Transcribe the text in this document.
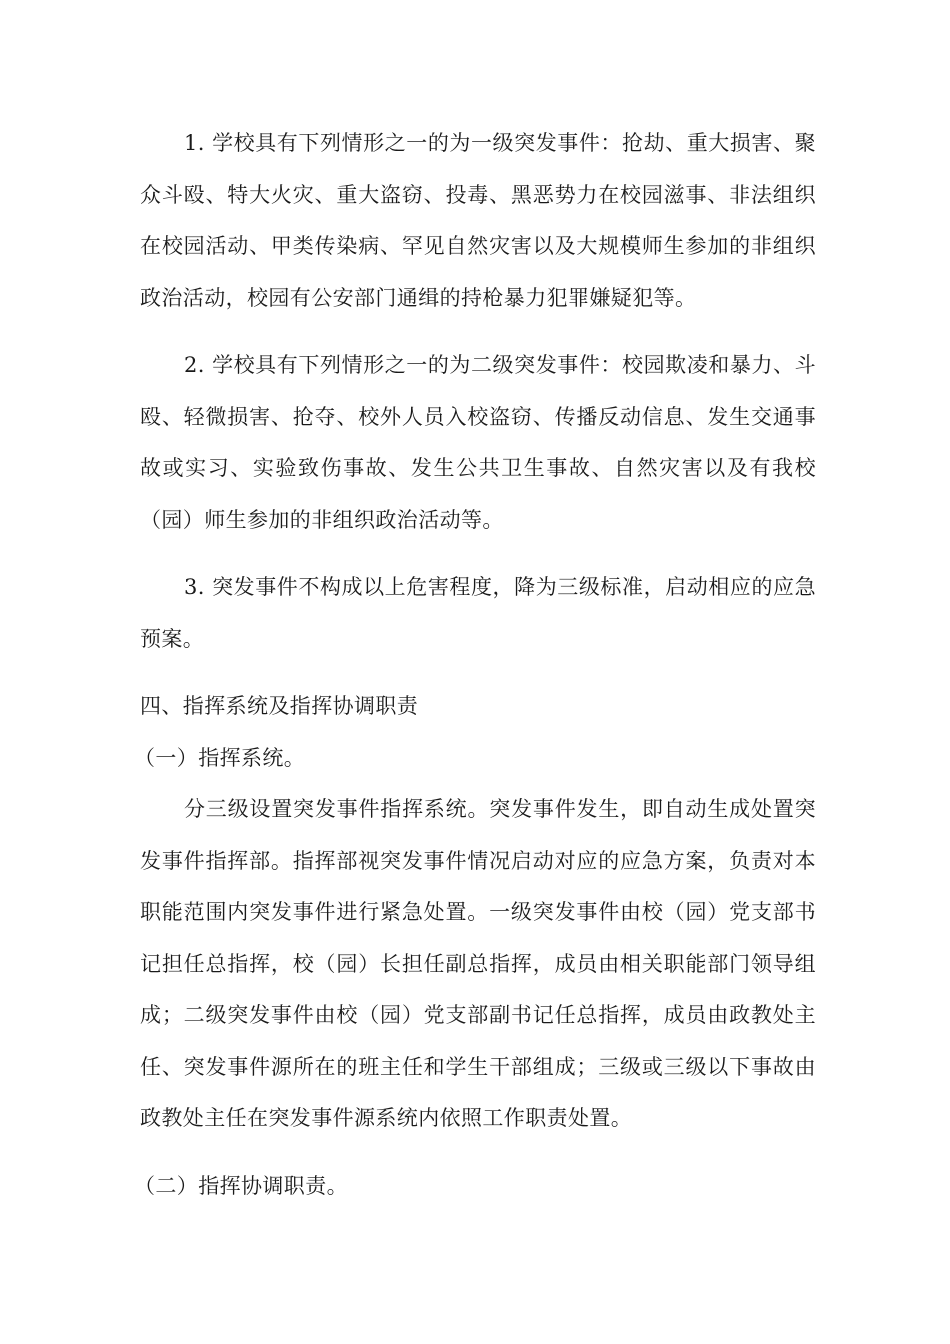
1. 学校具有下列情形之一的为一级突发事件：抢劫、重大损害、聚众斗殴、特大火灾、重大盗窃、投毒、黑恶势力在校园滋事、非法组织在校园活动、甲类传染病、罕见自然灾害以及大规模师生参加的非组织政治活动，校园有公安部门通缉的持枪暴力犯罪嫌疑犯等。

2. 学校具有下列情形之一的为二级突发事件：校园欺凌和暴力、斗殴、轻微损害、抢夺、校外人员入校盗窃、传播反动信息、发生交通事故或实习、实验致伤事故、发生公共卫生事故、自然灾害以及有我校（园）师生参加的非组织政治活动等。

3. 突发事件不构成以上危害程度，降为三级标准，启动相应的应急预案。

四、指挥系统及指挥协调职责

（一）指挥系统。

分三级设置突发事件指挥系统。突发事件发生，即自动生成处置突发事件指挥部。指挥部视突发事件情况启动对应的应急方案，负责对本职能范围内突发事件进行紧急处置。一级突发事件由校（园）党支部书记担任总指挥，校（园）长担任副总指挥，成员由相关职能部门领导组成；二级突发事件由校（园）党支部副书记任总指挥，成员由政教处主任、突发事件源所在的班主任和学生干部组成；三级或三级以下事故由政教处主任在突发事件源系统内依照工作职责处置。

（二）指挥协调职责。
